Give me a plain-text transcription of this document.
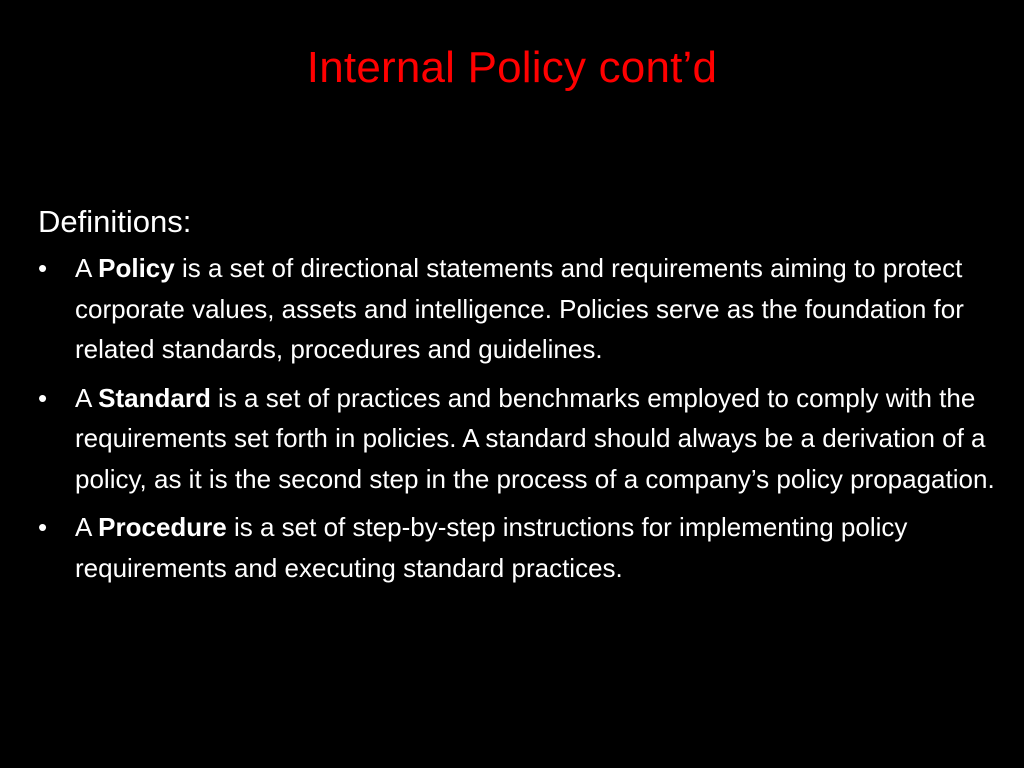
Internal Policy cont’d
Definitions:
•	A Policy is a set of directional statements and requirements aiming to protect corporate values, assets and intelligence. Policies serve as the foundation for related standards, procedures and guidelines.
•	A Standard is a set of practices and benchmarks employed to comply with the requirements set forth in policies. A standard should always be a derivation of a policy, as it is the second step in the process of a company’s policy propagation.
•	A Procedure is a set of step-by-step instructions for implementing policy requirements and executing standard practices.
